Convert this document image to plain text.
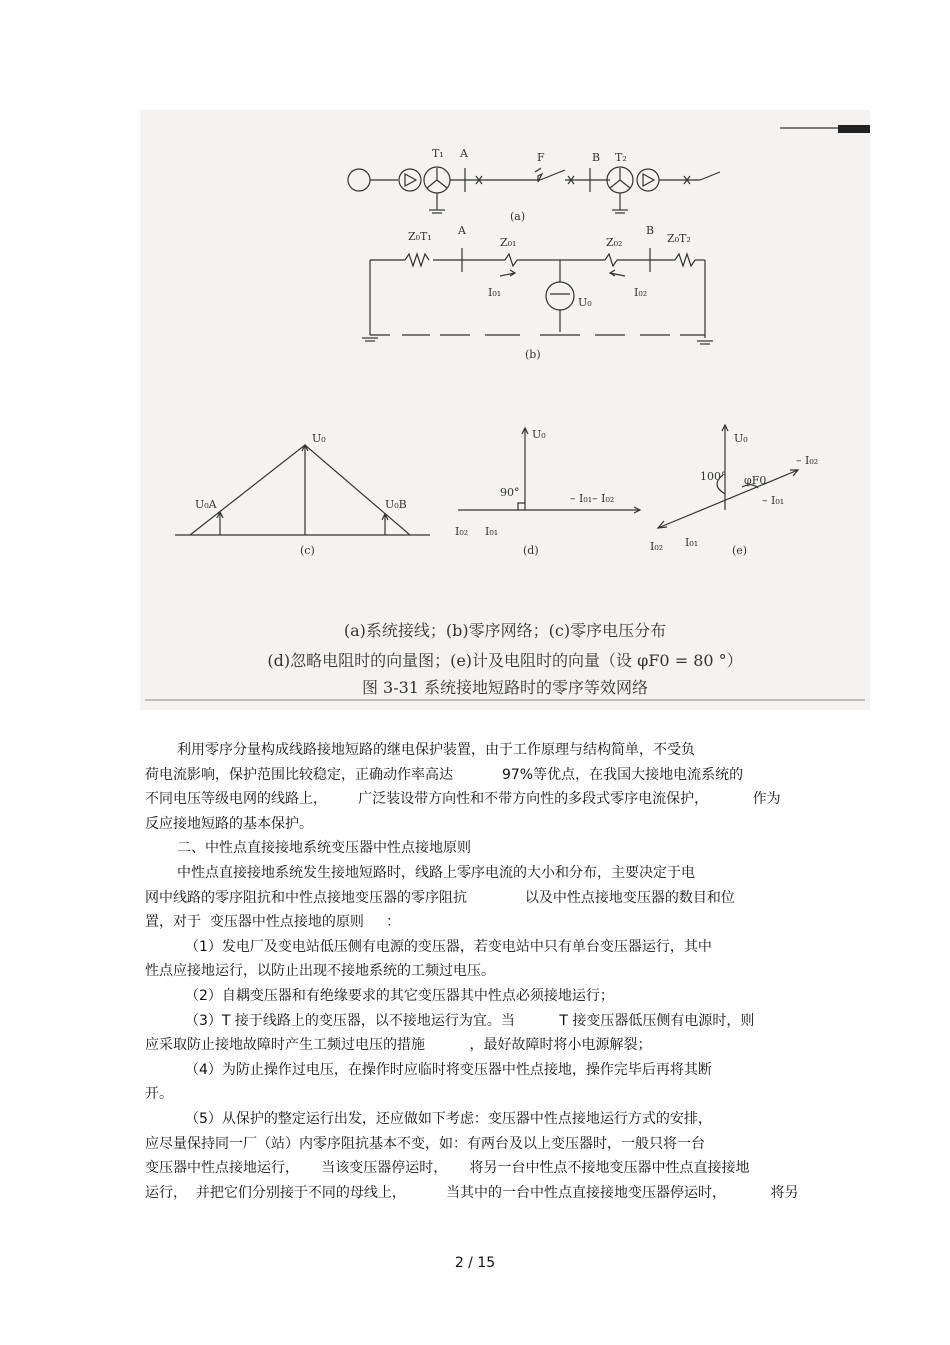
T₁ A	F	B T₂
(a)
Z₀T₁ A
Z₀₁	Z₀₂
B
Z₀T₂
I₀₁
U₀
I₀₂
(b)
U₀
U₀A	U₀B
(c)
U₀
90°	– I₀₁– I₀₂
I₀₂ I₀₁
(d)
U₀
100° φF0
– I₀₂
– I₀₁
I₀₂ I₀₁
(e)
(a)系统接线；(b)零序网络；(c)零序电压分布
(d)忽略电阻时的向量图；(e)计及电阻时的向量（设 φF0 = 80 °）
图 3-31 系统接地短路时的零序等效网络
利用零序分量构成线路接地短路的继电保护装置，由于工作原理与结构简单，不受负
荷电流影响，保护范围比较稳定，正确动作率高达           97%等优点，在我国大接地电流系统的
不同电压等级电网的线路上，       广泛装设带方向性和不带方向性的多段式零序电流保护，          作为
反应接地短路的基本保护。
二、中性点直接接地系统变压器中性点接地原则
中性点直接接地系统发生接地短路时，线路上零序电流的大小和分布，主要决定于电
网中线路的零序阻抗和中性点接地变压器的零序阻抗             以及中性点接地变压器的数目和位
置，对于  变压器中性点接地的原则     ：
（1）发电厂及变电站低压侧有电源的变压器，若变电站中只有单台变压器运行，其中
性点应接地运行，以防止出现不接地系统的工频过电压。
（2）自耦变压器和有绝缘要求的其它变压器其中性点必须接地运行；
（3）T 接于线路上的变压器，以不接地运行为宜。当          T 接变压器低压侧有电源时，则
应采取防止接地故障时产生工频过电压的措施          ，最好故障时将小电源解裂；
（4）为防止操作过电压，在操作时应临时将变压器中性点接地，操作完毕后再将其断
开。
（5）从保护的整定运行出发，还应做如下考虑：变压器中性点接地运行方式的安排，
应尽量保持同一厂（站）内零序阻抗基本不变，如：有两台及以上变压器时，一般只将一台
变压器中性点接地运行，     当该变压器停运时，     将另一台中性点不接地变压器中性点直接接地
运行，  并把它们分别接于不同的母线上，         当其中的一台中性点直接接地变压器停运时，          将另
2 / 15
